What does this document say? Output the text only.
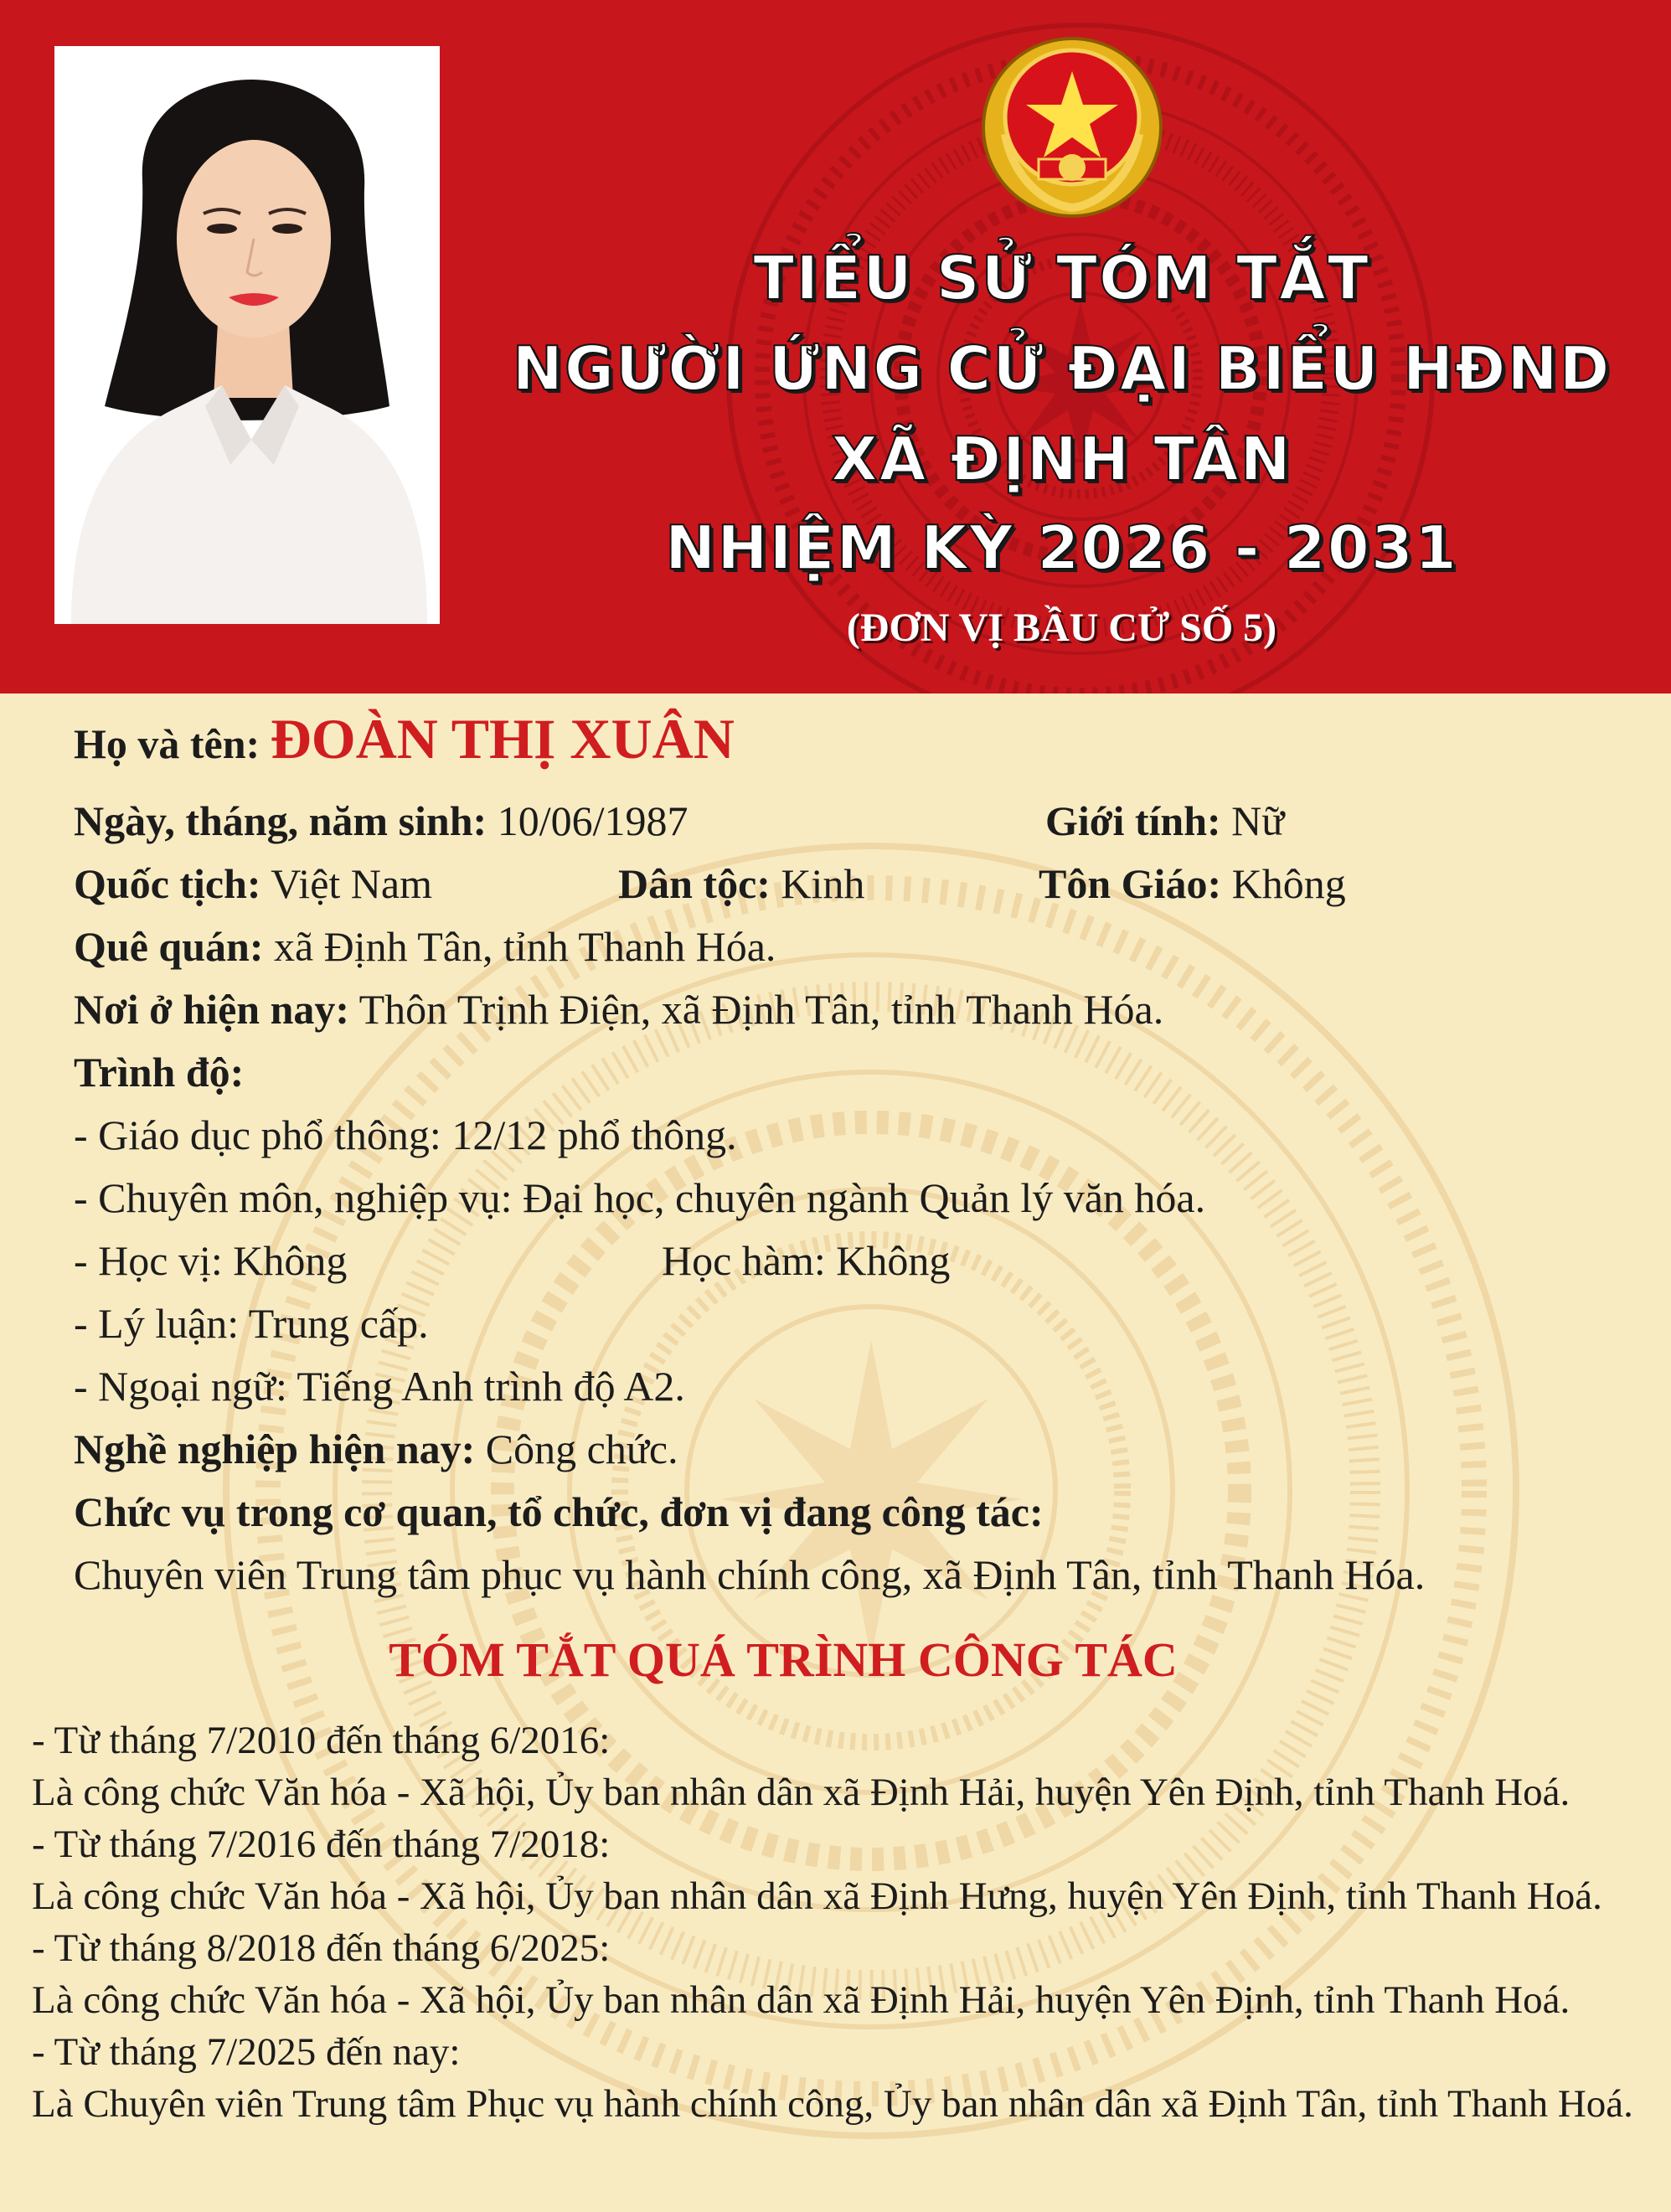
TIỂU SỬ TÓM TẮT
NGƯỜI ỨNG CỬ ĐẠI BIỂU HĐND
XÃ ĐỊNH TÂN
NHIỆM KỲ 2026 - 2031
(ĐƠN VỊ BẦU CỬ SỐ 5)
Họ và tên: ĐOÀN THỊ XUÂN
Ngày, tháng, năm sinh: 10/06/1987	Giới tính: Nữ
Quốc tịch: Việt Nam	Dân tộc: Kinh	Tôn Giáo: Không
Quê quán: xã Định Tân, tỉnh Thanh Hóa.
Nơi ở hiện nay: Thôn Trịnh Điện, xã Định Tân, tỉnh Thanh Hóa.
Trình độ:
- Giáo dục phổ thông: 12/12 phổ thông.
- Chuyên môn, nghiệp vụ: Đại học, chuyên ngành Quản lý văn hóa.
- Học vị: Không	Học hàm: Không
- Lý luận: Trung cấp.
- Ngoại ngữ: Tiếng Anh trình độ A2.
Nghề nghiệp hiện nay: Công chức.
Chức vụ trong cơ quan, tổ chức, đơn vị đang công tác:
Chuyên viên Trung tâm phục vụ hành chính công, xã Định Tân, tỉnh Thanh Hóa.
TÓM TẮT QUÁ TRÌNH CÔNG TÁC
- Từ tháng 7/2010 đến tháng 6/2016:
Là công chức Văn hóa - Xã hội, Ủy ban nhân dân xã Định Hải, huyện Yên Định, tỉnh Thanh Hoá.
- Từ tháng 7/2016 đến tháng 7/2018:
Là công chức Văn hóa - Xã hội, Ủy ban nhân dân xã Định Hưng, huyện Yên Định, tỉnh Thanh Hoá.
- Từ tháng 8/2018 đến tháng 6/2025:
Là công chức Văn hóa - Xã hội, Ủy ban nhân dân xã Định Hải, huyện Yên Định, tỉnh Thanh Hoá.
- Từ tháng 7/2025 đến nay:
Là Chuyên viên Trung tâm Phục vụ hành chính công, Ủy ban nhân dân xã Định Tân, tỉnh Thanh Hoá.
